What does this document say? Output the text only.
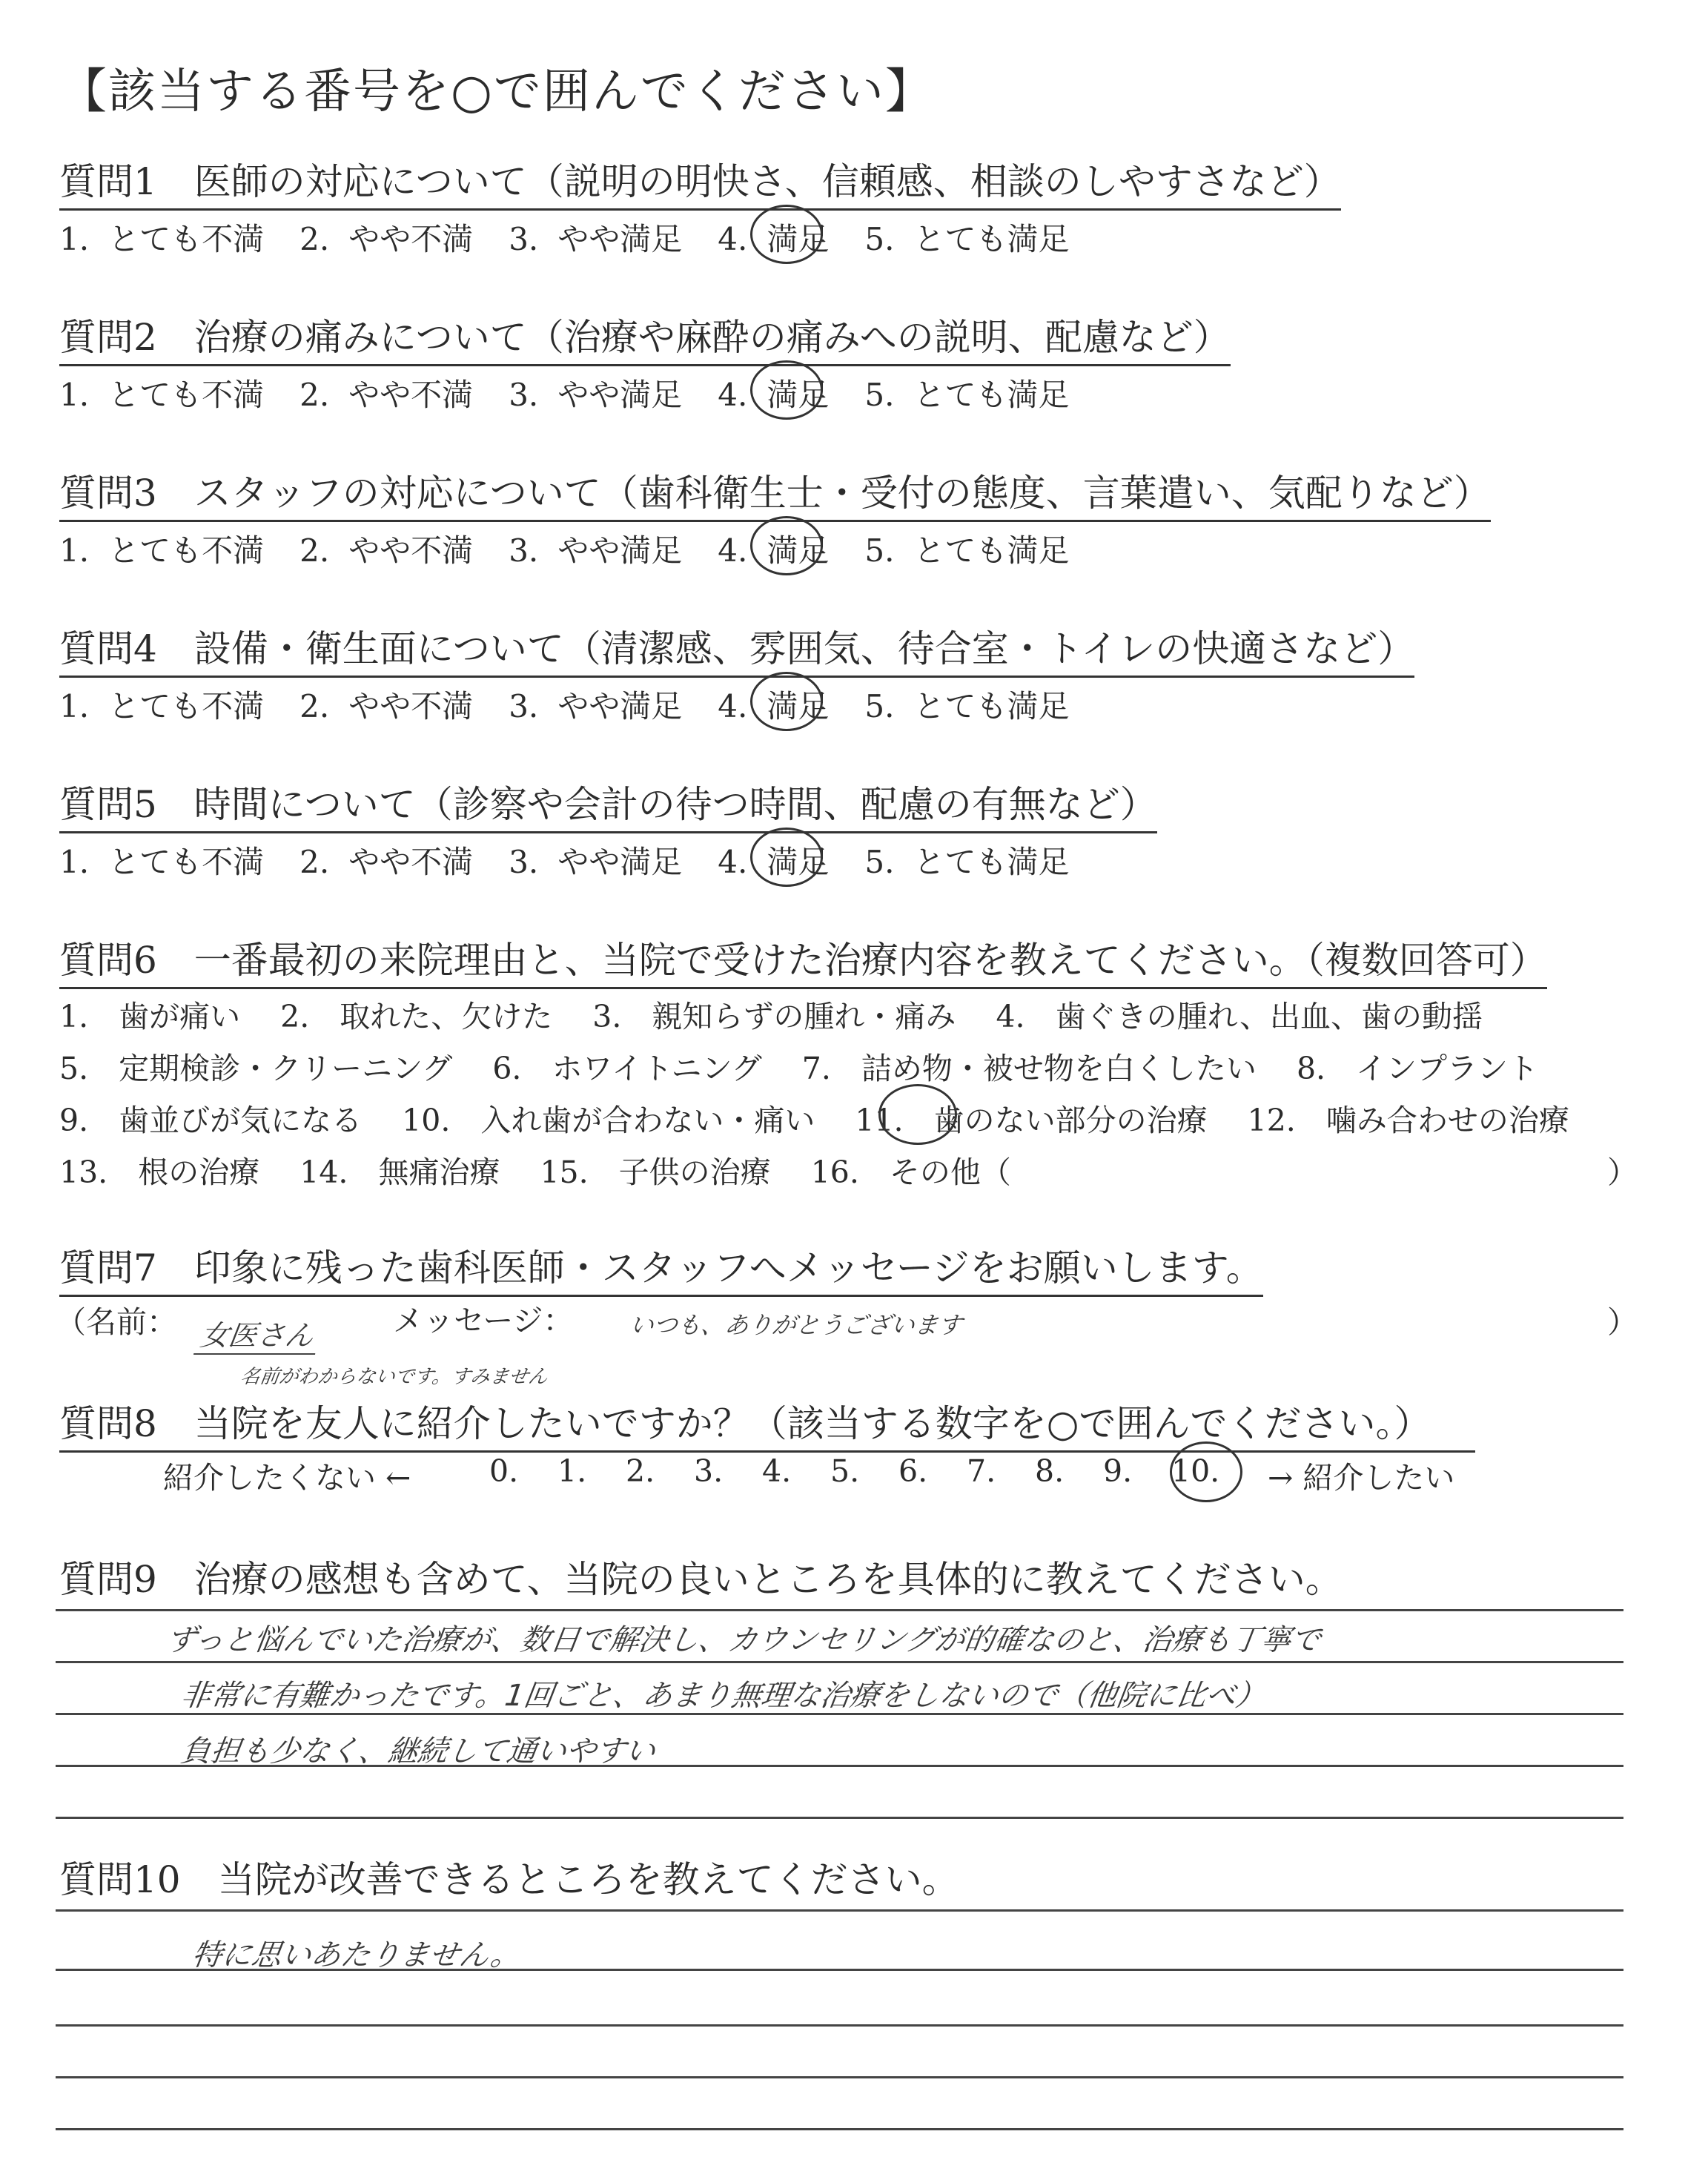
【該当する番号を○で囲んでください】
質問1　医師の対応について（説明の明快さ、信頼感、相談のしやすさなど）
1. とても不満 2. やや不満 3. やや満足 4. 満足 5. とても満足
質問2　治療の痛みについて（治療や麻酔の痛みへの説明、配慮など）
1. とても不満 2. やや不満 3. やや満足 4. 満足 5. とても満足
質問3　スタッフの対応について（歯科衛生士・受付の態度、言葉遣い、気配りなど）
1. とても不満 2. やや不満 3. やや満足 4. 満足 5. とても満足
質問4　設備・衛生面について（清潔感、雰囲気、待合室・トイレの快適さなど）
1. とても不満 2. やや不満 3. やや満足 4. 満足 5. とても満足
質問5　時間について（診察や会計の待つ時間、配慮の有無など）
1. とても不満 2. やや不満 3. やや満足 4. 満足 5. とても満足
質問6　一番最初の来院理由と、当院で受けた治療内容を教えてください。（複数回答可）
1.　歯が痛い　 2.　取れた、欠けた　 3.　親知らずの腫れ・痛み　 4.　歯ぐきの腫れ、出血、歯の動揺
5.　定期検診・クリーニング　 6.　ホワイトニング　 7.　詰め物・被せ物を白くしたい　 8.　インプラント
9.　歯並びが気になる　 10.　入れ歯が合わない・痛い　 11.　歯のない部分の治療　 12.　噛み合わせの治療
13.　根の治療　 14.　無痛治療　 15.　子供の治療　 16.　その他（	）
質問7　印象に残った歯科医師・スタッフへメッセージをお願いします。
（名前：	メッセージ：	）
女医さん
名前がわからないです。すみません
いつも、ありがとうございます
質問8　当院を友人に紹介したいですか？（該当する数字を○で囲んでください。）
紹介したくない ←	→ 紹介したい
0. 1. 2. 3. 4. 5. 6. 7. 8. 9. 10.
質問9　治療の感想も含めて、当院の良いところを具体的に教えてください。
ずっと悩んでいた治療が、数日で解決し、カウンセリングが的確なのと、治療も丁寧で
非常に有難かったです。1回ごと、あまり無理な治療をしないので（他院に比べ）
負担も少なく、継続して通いやすい
質問10　当院が改善できるところを教えてください。
特に思いあたりません。
